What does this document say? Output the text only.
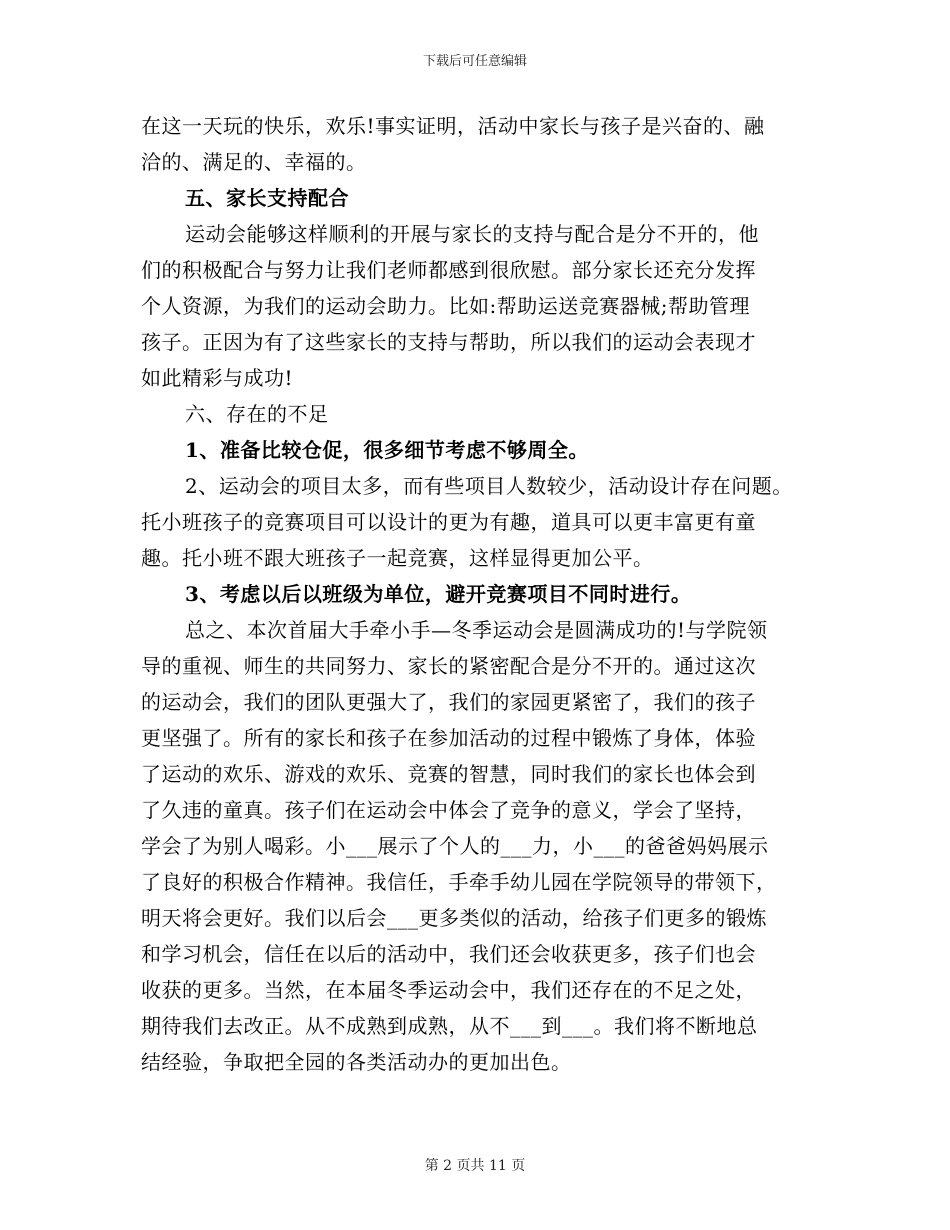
下载后可任意编辑
在这一天玩的快乐，欢乐!事实证明，活动中家长与孩子是兴奋的、融
洽的、满足的、幸福的。
五、家长支持配合
运动会能够这样顺利的开展与家长的支持与配合是分不开的，他
们的积极配合与努力让我们老师都感到很欣慰。部分家长还充分发挥
个人资源，为我们的运动会助力。比如:帮助运送竞赛器械;帮助管理
孩子。正因为有了这些家长的支持与帮助，所以我们的运动会表现才
如此精彩与成功!
六、存在的不足
1、准备比较仓促，很多细节考虑不够周全。
2、运动会的项目太多，而有些项目人数较少，活动设计存在问题。
托小班孩子的竞赛项目可以设计的更为有趣，道具可以更丰富更有童
趣。托小班不跟大班孩子一起竞赛，这样显得更加公平。
3、考虑以后以班级为单位，避开竞赛项目不同时进行。
总之、本次首届大手牵小手—冬季运动会是圆满成功的!与学院领
导的重视、师生的共同努力、家长的紧密配合是分不开的。通过这次
的运动会，我们的团队更强大了，我们的家园更紧密了，我们的孩子
更坚强了。所有的家长和孩子在参加活动的过程中锻炼了身体，体验
了运动的欢乐、游戏的欢乐、竞赛的智慧，同时我们的家长也体会到
了久违的童真。孩子们在运动会中体会了竞争的意义，学会了坚持，
学会了为别人喝彩。小___展示了个人的___力，小___的爸爸妈妈展示
了良好的积极合作精神。我信任，手牵手幼儿园在学院领导的带领下，
明天将会更好。我们以后会___更多类似的活动，给孩子们更多的锻炼
和学习机会，信任在以后的活动中，我们还会收获更多，孩子们也会
收获的更多。当然，在本届冬季运动会中，我们还存在的不足之处，
期待我们去改正。从不成熟到成熟，从不___到___。我们将不断地总
结经验，争取把全园的各类活动办的更加出色。
第 2 页共 11 页
